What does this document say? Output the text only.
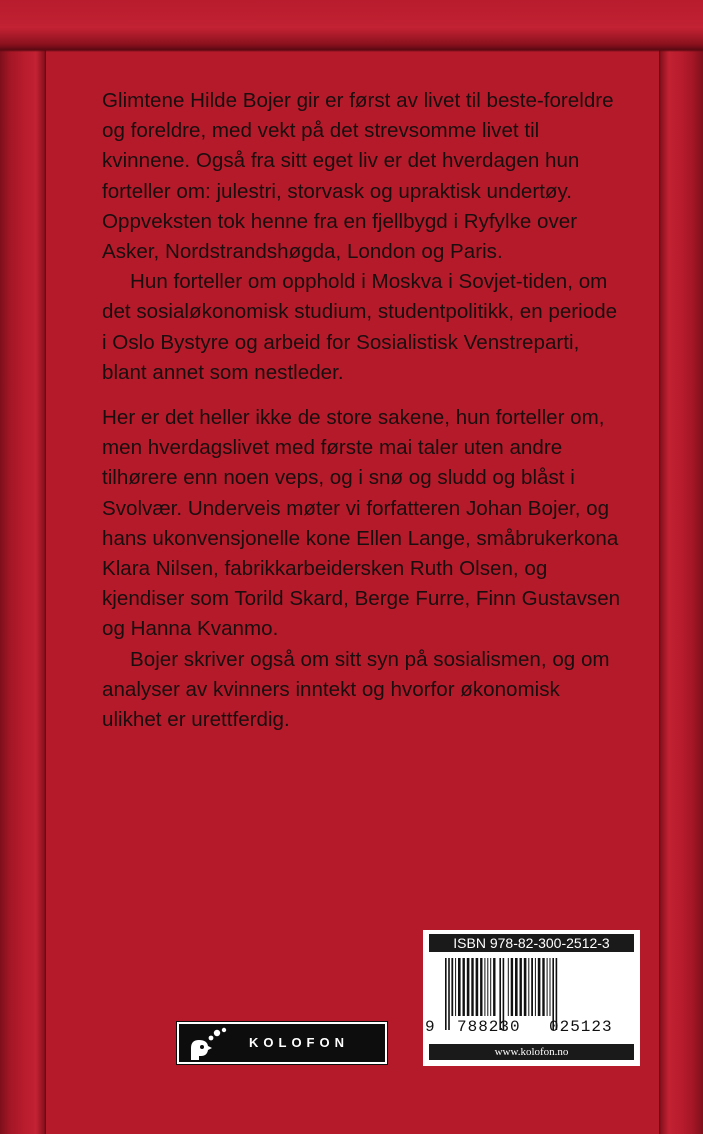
Glimtene Hilde Bojer gir er først av livet til beste-foreldre og foreldre, med vekt på det strevsomme livet til kvinnene. Også fra sitt eget liv er det hverdagen hun forteller om: julestri, storvask og upraktisk undertøy. Oppveksten tok henne fra en fjellbygd i Ryfylke over Asker, Nordstrandshøgda, London og Paris.

Hun forteller om opphold i Moskva i Sovjet-tiden, om det sosialøkonomisk studium, studentpolitikk, en periode i Oslo Bystyre og arbeid for Sosialistisk Venstreparti, blant annet som nestleder.

Her er det heller ikke de store sakene, hun forteller om, men hverdagslivet med første mai taler uten andre tilhørere enn noen veps, og i snø og sludd og blåst i Svolvær. Underveis møter vi forfatteren Johan Bojer, og hans ukonvensjonelle kone Ellen Lange, småbrukerkona Klara Nilsen, fabrikkarbeidersken Ruth Olsen, og kjendiser som Torild Skard, Berge Furre, Finn Gustavsen og Hanna Kvanmo.

Bojer skriver også om sitt syn på sosialismen, og om analyser av kvinners inntekt og hvorfor økonomisk ulikhet er urettferdig.

KOLOFON
ISBN 978-82-300-2512-3
9 788230 025123
www.kolofon.no
